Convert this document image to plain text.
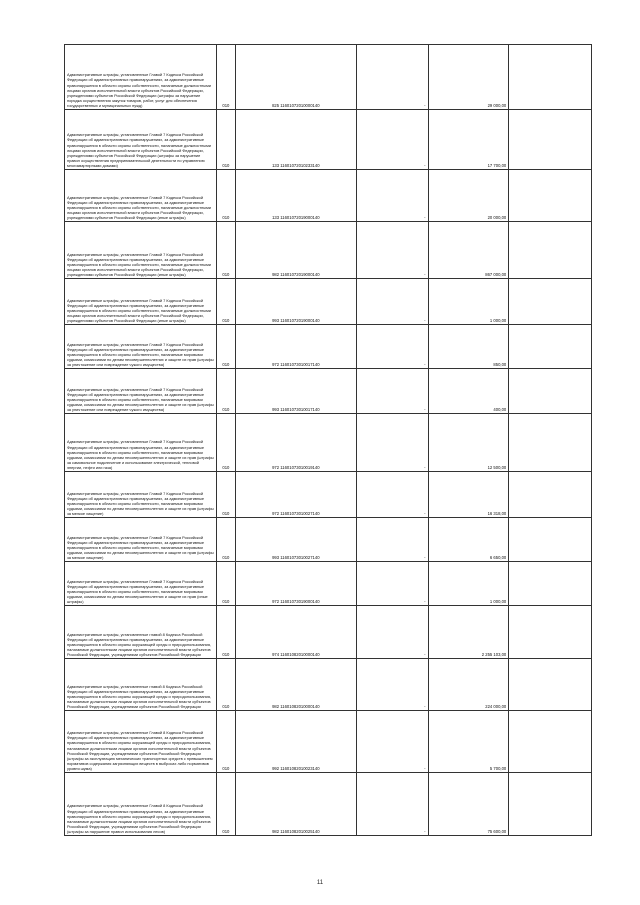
Административные штрафы, установленные Главой 7 Кодекса Российской Федерации об административных правонарушениях, за административные правонарушения в области охраны собственности, налагаемые должностными лицами органов исполнительной власти субъектов Российской Федерации, учреждениями субъектов Российской Федерации (штрафы за нарушение порядка осуществления закупок товаров, работ, услуг для обеспечения государственных и муниципальных нужд)	010	825 11601072010000140	-	29 000,00	

Административные штрафы, установленные Главой 7 Кодекса Российской Федерации об административных правонарушениях, за административные правонарушения в области охраны собственности, налагаемые должностными лицами органов исполнительной власти субъектов Российской Федерации, учреждениями субъектов Российской Федерации (штрафы за нарушение правил осуществления предпринимательской деятельности по управлению многоквартирными домами)	010	133 11601072010233140	-	17 700,00	

Административные штрафы, установленные Главой 7 Кодекса Российской Федерации об административных правонарушениях, за административные правонарушения в области охраны собственности, налагаемые должностными лицами органов исполнительной власти субъектов Российской Федерации, учреждениями субъектов Российской Федерации (иные штрафы)	010	133 11601072019000140	-	20 000,00	

Административные штрафы, установленные Главой 7 Кодекса Российской Федерации об административных правонарушениях, за административные правонарушения в области охраны собственности, налагаемые должностными лицами органов исполнительной власти субъектов Российской Федерации, учреждениями субъектов Российской Федерации (иные штрафы)	010	982 11601072019000140	-	867 000,00	

Административные штрафы, установленные Главой 7 Кодекса Российской Федерации об административных правонарушениях, за административные правонарушения в области охраны собственности, налагаемые должностными лицами органов исполнительной власти субъектов Российской Федерации, учреждениями субъектов Российской Федерации (иные штрафы)	010	993 11601072019000140	-	1 000,00	

Административные штрафы, установленные Главой 7 Кодекса Российской Федерации об административных правонарушениях, за административные правонарушения в области охраны собственности, налагаемые мировыми судьями, комиссиями по делам несовершеннолетних и защите их прав (штрафы за уничтожение или повреждение чужого имущества)	010	972 11601073010017140	-	850,00	

Административные штрафы, установленные Главой 7 Кодекса Российской Федерации об административных правонарушениях, за административные правонарушения в области охраны собственности, налагаемые мировыми судьями, комиссиями по делам несовершеннолетних и защите их прав (штрафы за уничтожение или повреждение чужого имущества)	010	993 11601073010017140	-	400,00	

Административные штрафы, установленные Главой 7 Кодекса Российской Федерации об административных правонарушениях, за административные правонарушения в области охраны собственности, налагаемые мировыми судьями, комиссиями по делам несовершеннолетних и защите их прав (штрафы за самовольное подключение и использование электрической, тепловой энергии, нефти или газа)	010	972 11601073010019140	-	12 500,00	

Административные штрафы, установленные Главой 7 Кодекса Российской Федерации об административных правонарушениях, за административные правонарушения в области охраны собственности, налагаемые мировыми судьями, комиссиями по делам несовершеннолетних и защите их прав (штрафы за мелкое хищение)	010	972 11601073010027140	-	16 318,00	

Административные штрафы, установленные Главой 7 Кодекса Российской Федерации об административных правонарушениях, за административные правонарушения в области охраны собственности, налагаемые мировыми судьями, комиссиями по делам несовершеннолетних и защите их прав (штрафы за мелкое хищение)	010	993 11601073010027140	-	6 650,00	

Административные штрафы, установленные Главой 7 Кодекса Российской Федерации об административных правонарушениях, за административные правонарушения в области охраны собственности, налагаемые мировыми судьями, комиссиями по делам несовершеннолетних и защите их прав (иные штрафы)	010	972 11601073019000140	-	1 000,00	

Административные штрафы, установленные главой 8 Кодекса Российской Федерации об административных правонарушениях, за административные правонарушения в области охраны окружающей среды и природопользования, налагаемые должностными лицами органов исполнительной власти субъектов Российской Федерации, учреждениями субъектов Российской Федерации	010	974 11601082010000140	-	2 255 103,00	

Административные штрафы, установленные главой 8 Кодекса Российской Федерации об административных правонарушениях, за административные правонарушения в области охраны окружающей среды и природопользования, налагаемые должностными лицами органов исполнительной власти субъектов Российской Федерации, учреждениями субъектов Российской Федерации	010	982 11601082010000140	-	224 000,00	

Административные штрафы, установленные Главой 8 Кодекса Российской Федерации об административных правонарушениях, за административные правонарушения в области охраны окружающей среды и природопользования, налагаемые должностными лицами органов исполнительной власти субъектов Российской Федерации, учреждениями субъектов Российской Федерации (штрафы за эксплуатацию механических транспортных средств с превышением нормативов содержания загрязняющих веществ в выбросах либо нормативов уровня шума)	010	992 11601082010023140	-	5 700,00	

Административные штрафы, установленные Главой 8 Кодекса Российской Федерации об административных правонарушениях, за административные правонарушения в области охраны окружающей среды и природопользования, налагаемые должностными лицами органов исполнительной власти субъектов Российской Федерации, учреждениями субъектов Российской Федерации (штрафы за нарушение правил использования лесов)	010	982 11601082010025140	-	75 600,00	

11
